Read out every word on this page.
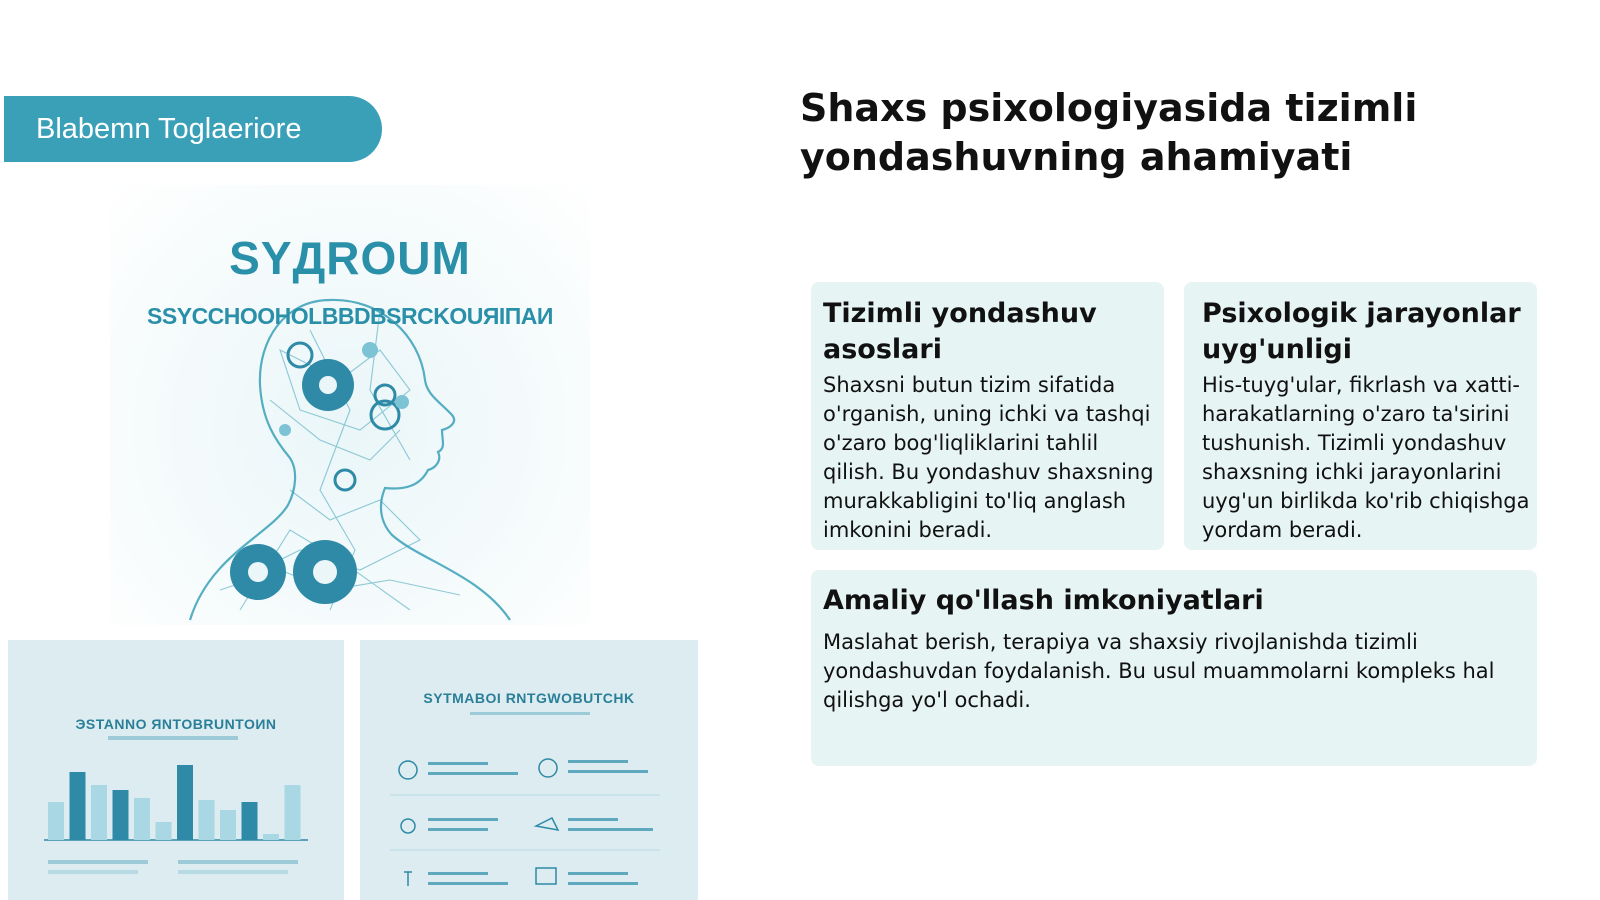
Blabemn Toglaeriore
SYДROUM
SSYCCHOOHOLBBDBSRCKOUЯIПAИ
ЭSTANNO ЯNTOBRUNTOИN
SYTMABOI RNTGWOBUTCHK
Shaxs psixologiyasida tizimli yondashuvning ahamiyati
Tizimli yondashuv asoslari
Shaxsni butun tizim sifatida o'rganish, uning ichki va tashqi o'zaro bog'liqliklarini tahlil qilish. Bu yondashuv shaxsning murakkabligini to'liq anglash imkonini beradi.
Psixologik jarayonlar uyg'unligi
His-tuyg'ular, fikrlash va xatti-harakatlarning o'zaro ta'sirini tushunish. Tizimli yondashuv shaxsning ichki jarayonlarini uyg'un birlikda ko'rib chiqishga yordam beradi.
Amaliy qo'llash imkoniyatlari
Maslahat berish, terapiya va shaxsiy rivojlanishda tizimli yondashuvdan foydalanish. Bu usul muammolarni kompleks hal qilishga yo'l ochadi.
